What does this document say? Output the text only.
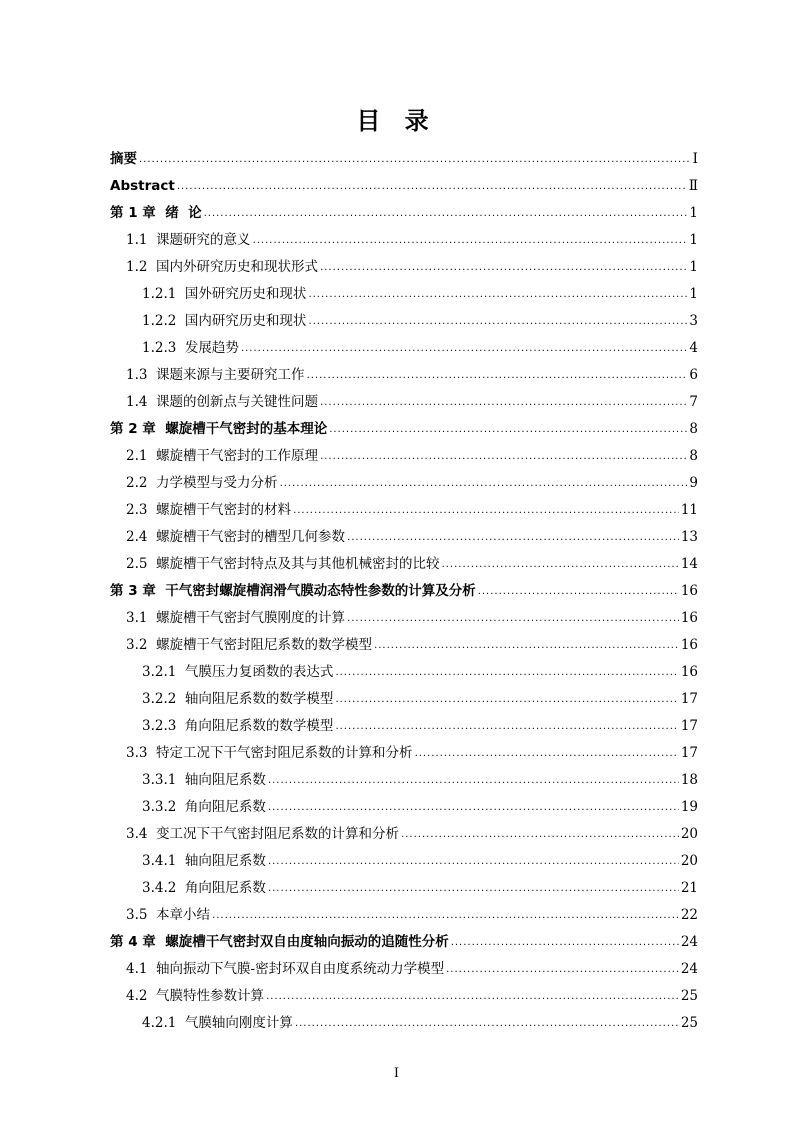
目 录
摘要 .....	Ⅰ
Abstract .....	Ⅱ
第 1 章  绪  论 .....	1
1.1  课题研究的意义 .....	1
1.2  国内外研究历史和现状形式 .....	1
1.2.1  国外研究历史和现状 .....	1
1.2.2  国内研究历史和现状 .....	3
1.2.3  发展趋势 .....	4
1.3  课题来源与主要研究工作 .....	6
1.4  课题的创新点与关键性问题 .....	7
第 2 章  螺旋槽干气密封的基本理论 .....	8
2.1  螺旋槽干气密封的工作原理 .....	8
2.2  力学模型与受力分析 .....	9
2.3  螺旋槽干气密封的材料 .....	11
2.4  螺旋槽干气密封的槽型几何参数 .....	13
2.5  螺旋槽干气密封特点及其与其他机械密封的比较 .....	14
第 3 章  干气密封螺旋槽润滑气膜动态特性参数的计算及分析 .....	16
3.1  螺旋槽干气密封气膜刚度的计算 .....	16
3.2  螺旋槽干气密封阻尼系数的数学模型 .....	16
3.2.1  气膜压力复函数的表达式 .....	16
3.2.2  轴向阻尼系数的数学模型 .....	17
3.2.3  角向阻尼系数的数学模型 .....	17
3.3  特定工况下干气密封阻尼系数的计算和分析 .....	17
3.3.1  轴向阻尼系数 .....	18
3.3.2  角向阻尼系数 .....	19
3.4  变工况下干气密封阻尼系数的计算和分析 .....	20
3.4.1  轴向阻尼系数 .....	20
3.4.2  角向阻尼系数 .....	21
3.5  本章小结 .....	22
第 4 章  螺旋槽干气密封双自由度轴向振动的追随性分析 .....	24
4.1  轴向振动下气膜-密封环双自由度系统动力学模型 .....	24
4.2  气膜特性参数计算 .....	25
4.2.1  气膜轴向刚度计算 .....	25
I
